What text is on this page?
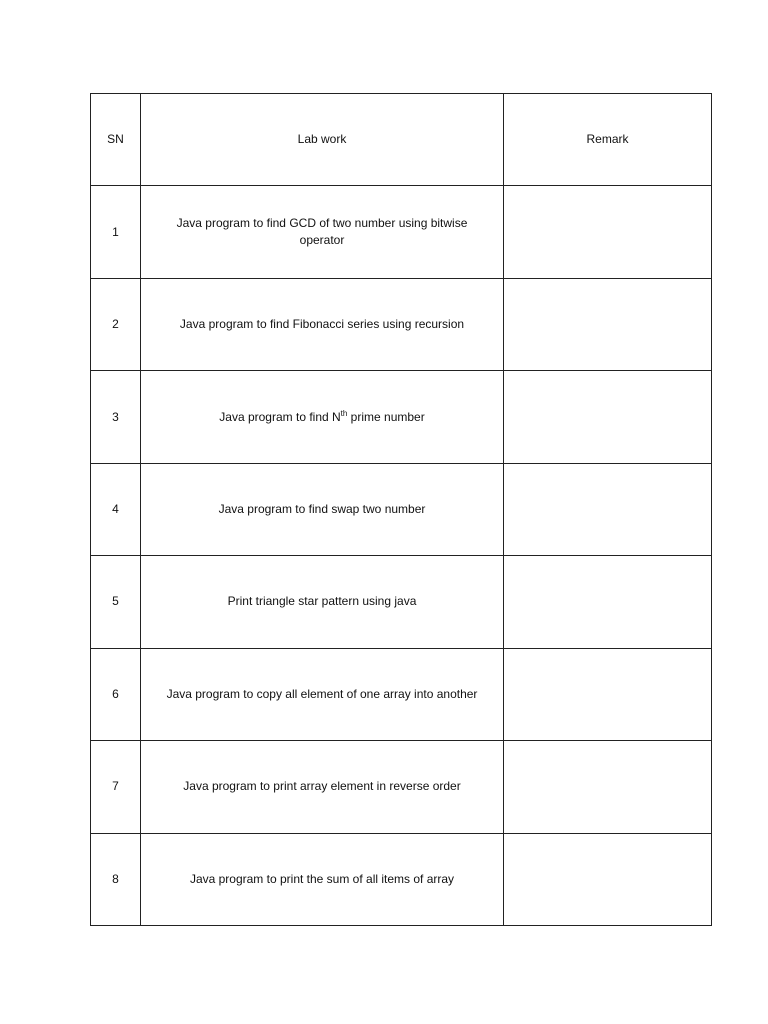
SN	Lab work	Remark
1	Java program to find GCD of two number using bitwise operator	
2	Java program to find Fibonacci series using recursion	
3	Java program to find $N^{th}$ prime number	
4	Java program to find swap two number	
5	Print triangle star pattern using java	
6	Java program to copy all element of one array into another	
7	Java program to print array element in reverse order	
8	Java program to print the sum of all items of array	
